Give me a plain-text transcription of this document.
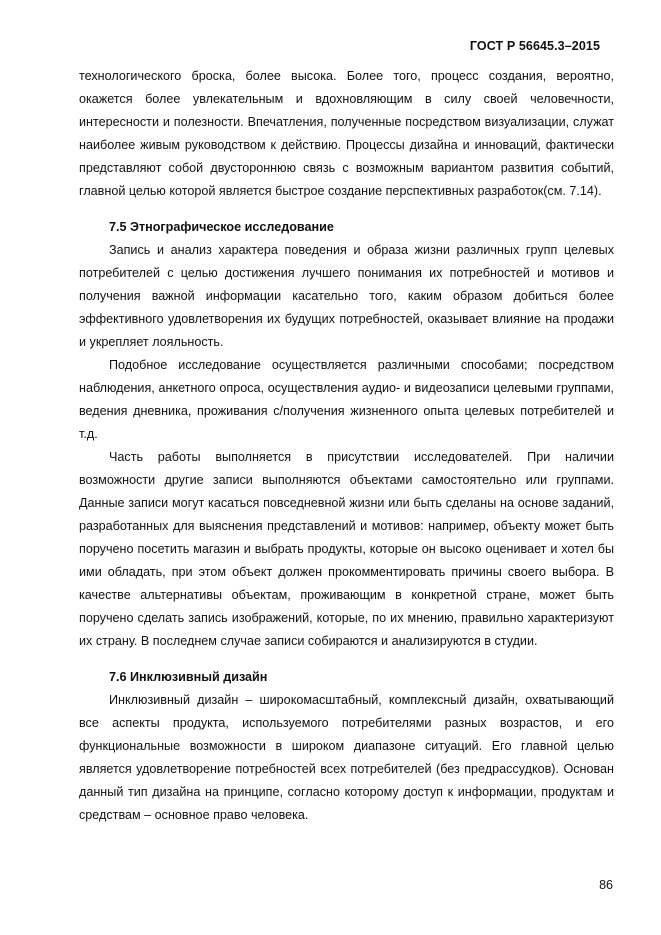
ГОСТ Р 56645.3–2015

технологического броска, более высока. Более того, процесс создания, вероятно, окажется более увлекательным и вдохновляющим в силу своей человечности, интересности и полезности. Впечатления, полученные посредством визуализации, служат наиболее живым руководством к действию. Процессы дизайна и инноваций, фактически представляют собой двустороннюю связь с возможным вариантом развития событий, главной целью которой является быстрое создание перспективных разработок(см. 7.14).

7.5 Этнографическое исследование

Запись и анализ характера поведения и образа жизни различных групп целевых потребителей с целью достижения лучшего понимания их потребностей и мотивов и получения важной информации касательно того, каким образом добиться более эффективного удовлетворения их будущих потребностей, оказывает влияние на продажи и укрепляет лояльность.

Подобное исследование осуществляется различными способами; посредством наблюдения, анкетного опроса, осуществления аудио- и видеозаписи целевыми группами, ведения дневника, проживания с/получения жизненного опыта целевых потребителей и т.д.

Часть работы выполняется в присутствии исследователей. При наличии возможности другие записи выполняются объектами самостоятельно или группами. Данные записи могут касаться повседневной жизни или быть сделаны на основе заданий, разработанных для выяснения представлений и мотивов: например, объекту может быть поручено посетить магазин и выбрать продукты, которые он высоко оценивает и хотел бы ими обладать, при этом объект должен прокомментировать причины своего выбора. В качестве альтернативы объектам, проживающим в конкретной стране, может быть поручено сделать запись изображений, которые, по их мнению, правильно характеризуют их страну. В последнем случае записи собираются и анализируются в студии.

7.6 Инклюзивный дизайн

Инклюзивный дизайн – широкомасштабный, комплексный дизайн, охватывающий все аспекты продукта, используемого потребителями разных возрастов, и его функциональные возможности в широком диапазоне ситуаций. Его главной целью является удовлетворение потребностей всех потребителей (без предрассудков). Основан данный тип дизайна на принципе, согласно которому доступ к информации, продуктам и средствам – основное право человека.

86
